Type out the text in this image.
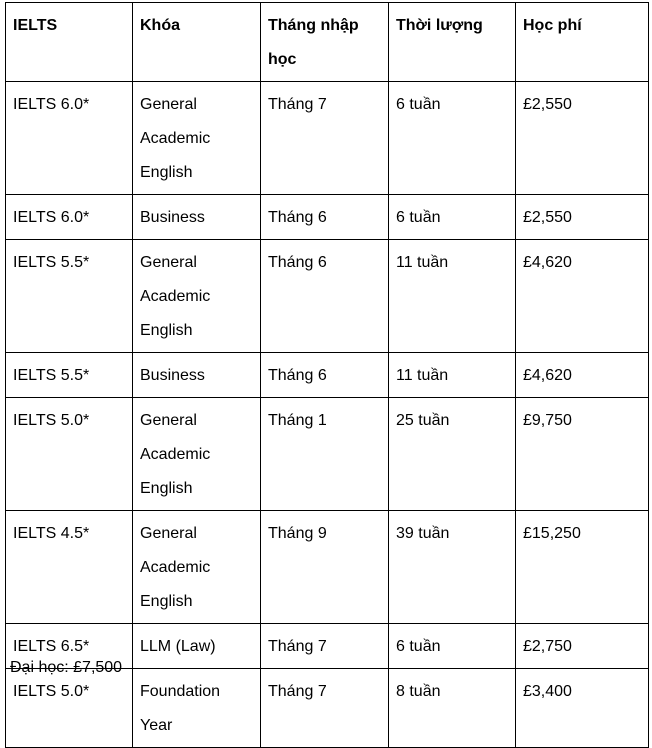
IELTS	Khóa	Tháng nhập học	Thời lượng	Học phí

IELTS 6.0*	General Academic English	Tháng 7	6 tuần	£2,550

IELTS 6.0*	Business	Tháng 6	6 tuần	£2,550

IELTS 5.5*	General Academic English	Tháng 6	11 tuần	£4,620

IELTS 5.5*	Business	Tháng 6	11 tuần	£4,620

IELTS 5.0*	General Academic English	Tháng 1	25 tuần	£9,750

IELTS 4.5*	General Academic English	Tháng 9	39 tuần	£15,250

IELTS 6.5*	LLM (Law)	Tháng 7	6 tuần	£2,750

IELTS 5.0*	Foundation Year	Tháng 7	8 tuần	£3,400
Đại học: £7,500
